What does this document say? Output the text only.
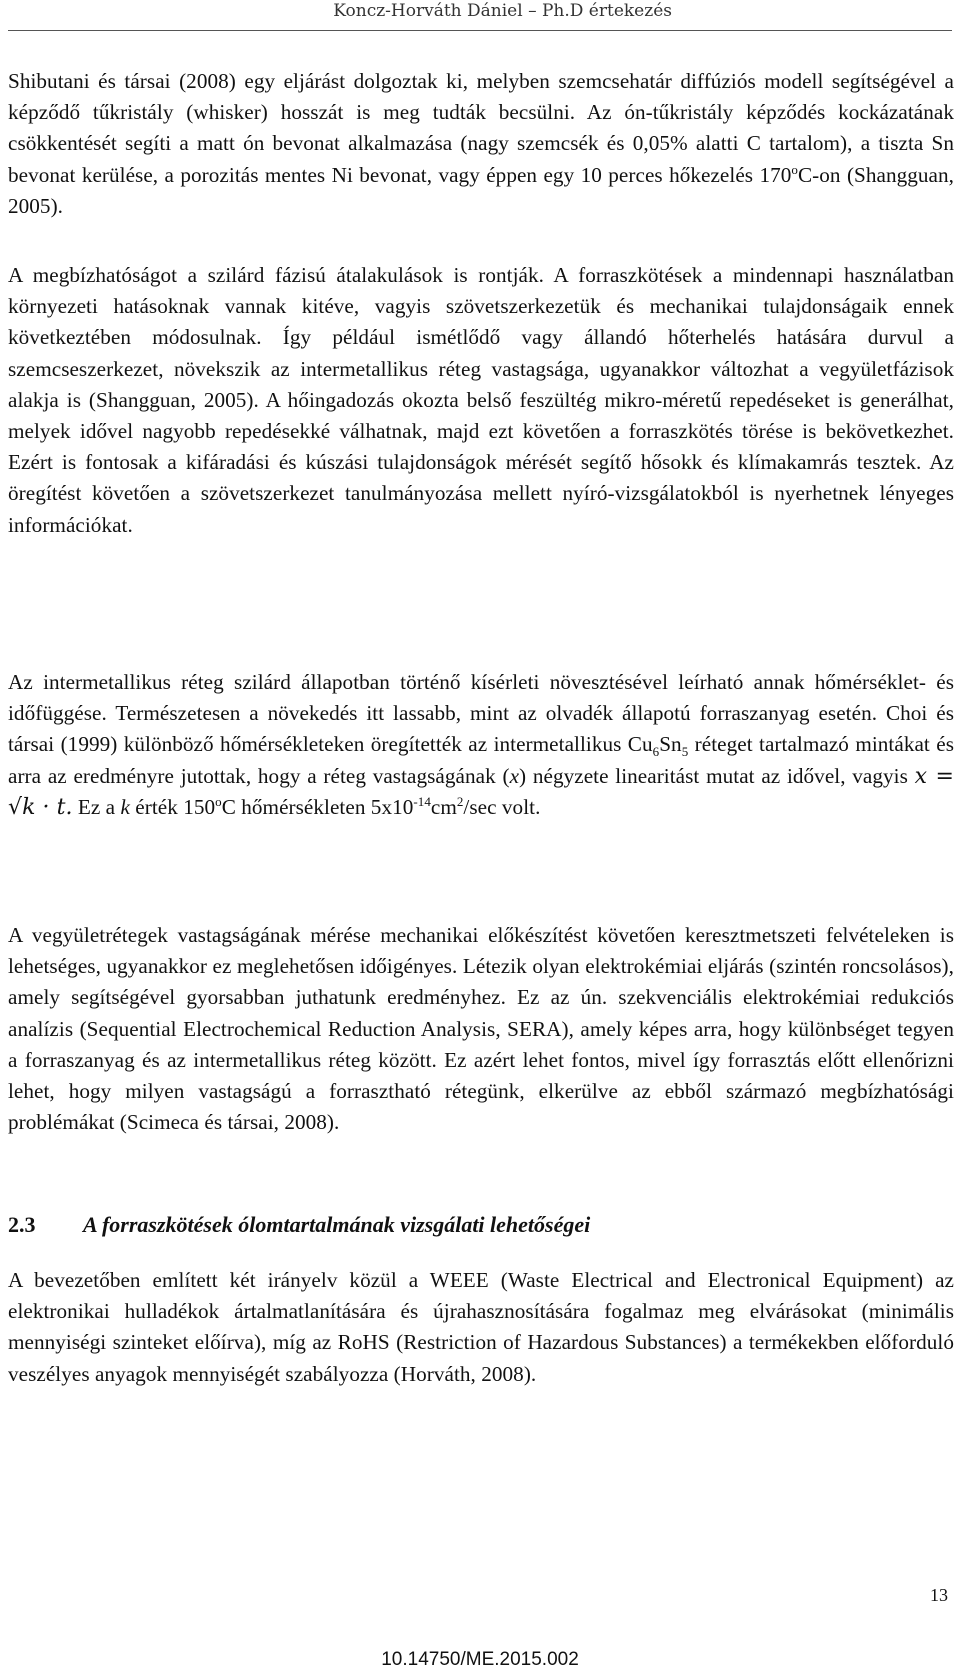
Koncz-Horváth Dániel – Ph.D értekezés

Shibutani és társai (2008) egy eljárást dolgoztak ki, melyben szemcsehatár diffúziós modell segítségével a képződő tűkristály (whisker) hosszát is meg tudták becsülni. Az ón-tűkristály képződés kockázatának csökkentését segíti a matt ón bevonat alkalmazása (nagy szemcsék és 0,05% alatti C tartalom), a tiszta Sn bevonat kerülése, a porozitás mentes Ni bevonat, vagy éppen egy 10 perces hőkezelés 170$^o$C-on (Shangguan, 2005).

A megbízhatóságot a szilárd fázisú átalakulások is rontják. A forraszkötések a mindennapi használatban környezeti hatásoknak vannak kitéve, vagyis szövetszerkezetük és mechanikai tulajdonságaik ennek következtében módosulnak. Így például ismétlődő vagy állandó hőterhelés hatására durvul a szemcseszerkezet, növekszik az intermetallikus réteg vastagsága, ugyanakkor változhat a vegyületfázisok alakja is (Shangguan, 2005). A hőingadozás okozta belső feszültég mikro-méretű repedéseket is generálhat, melyek idővel nagyobb repedésekké válhatnak, majd ezt követően a forraszkötés törése is bekövetkezhet. Ezért is fontosak a kifáradási és kúszási tulajdonságok mérését segítő hősokk és klímakamrás tesztek. Az öregítést követően a szövetszerkezet tanulmányozása mellett nyíró-vizsgálatokból is nyerhetnek lényeges információkat.

Az intermetallikus réteg szilárd állapotban történő kísérleti növesztésével leírható annak hőmérséklet- és időfüggése. Természetesen a növekedés itt lassabb, mint az olvadék állapotú forraszanyag esetén. Choi és társai (1999) különböző hőmérsékleteken öregítették az intermetallikus $Cu_6Sn_5$ réteget tartalmazó mintákat és arra az eredményre jutottak, hogy a réteg vastagságának (x) négyzete linearitást mutat az idővel, vagyis x = √k · t. Ez a k érték 150$^o$C hőmérsékleten $5x10^{-14}cm^2/\sec$ volt.

A vegyületrétegek vastagságának mérése mechanikai előkészítést követően keresztmetszeti felvételeken is lehetséges, ugyanakkor ez meglehetősen időigényes. Létezik olyan elektrokémiai eljárás (szintén roncsolásos), amely segítségével gyorsabban juthatunk eredményhez. Ez az ún. szekvenciális elektrokémiai redukciós analízis (Sequential Electrochemical Reduction Analysis, SERA), amely képes arra, hogy különbséget tegyen a forraszanyag és az intermetallikus réteg között. Ez azért lehet fontos, mivel így forrasztás előtt ellenőrizni lehet, hogy milyen vastagságú a forrasztható rétegünk, elkerülve az ebből származó megbízhatósági problémákat (Scimeca és társai, 2008).

2.3 A forraszkötések ólomtartalmának vizsgálati lehetőségei

A bevezetőben említett két irányelv közül a WEEE (Waste Electrical and Electronical Equipment) az elektronikai hulladékok ártalmatlanítására és újrahasznosítására fogalmaz meg elvárásokat (minimális mennyiségi szinteket előírva), míg az RoHS (Restriction of Hazardous Substances) a termékekben előforduló veszélyes anyagok mennyiségét szabályozza (Horváth, 2008).

13
10.14750/ME.2015.002
